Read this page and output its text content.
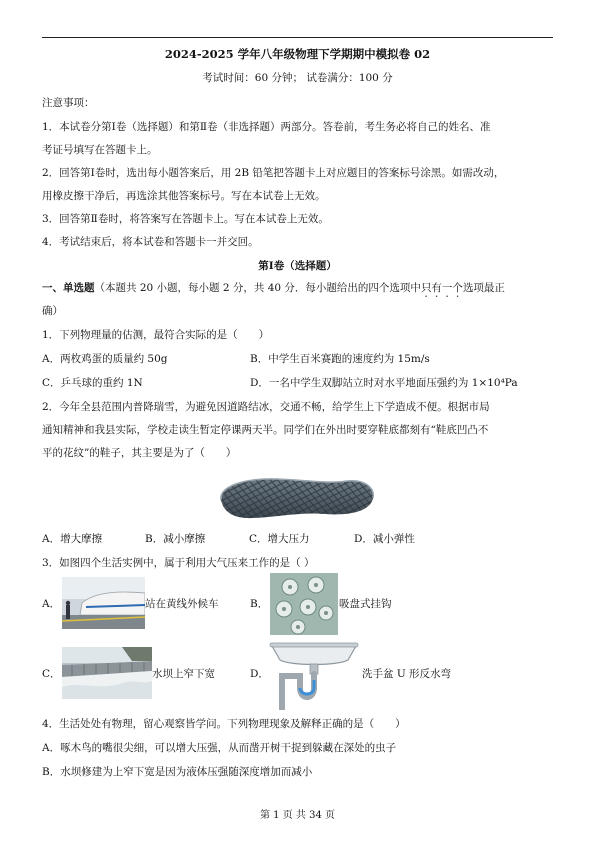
2024-2025 学年八年级物理下学期期中模拟卷 02
考试时间：60 分钟； 试卷满分：100 分
注意事项：
1．本试卷分第Ⅰ卷（选择题）和第Ⅱ卷（非选择题）两部分。答卷前，考生务必将自己的姓名、准
考证号填写在答题卡上。
2．回答第Ⅰ卷时，选出每小题答案后，用 2B 铅笔把答题卡上对应题目的答案标号涂黑。如需改动，
用橡皮擦干净后，再选涂其他答案标号。写在本试卷上无效。
3．回答第Ⅱ卷时，将答案写在答题卡上。写在本试卷上无效。
4．考试结束后，将本试卷和答题卡一并交回。
第Ⅰ卷（选择题）
一、单选题（本题共 20 小题，每小题 2 分，共 40 分．每小题给出的四个选项中只有一个选项最正
确）
1．下列物理量的估测，最符合实际的是（　　）
A．两枚鸡蛋的质量约 50g	B．中学生百米赛跑的速度约为 15m/s
C．乒乓球的重约 1N	D．一名中学生双脚站立时对水平地面压强约为 1×10⁴Pa
2．今年全县范围内普降瑞雪，为避免因道路结冰，交通不畅，给学生上下学造成不便。根据市局
通知精神和我县实际，学校走读生暂定停课两天半。同学们在外出时要穿鞋底都刻有“鞋底凹凸不
平的花纹”的鞋子，其主要是为了（　　）
A．增大摩擦	B．减小摩擦	C．增大压力	D．减小弹性
3．如图四个生活实例中，属于利用大气压来工作的是（ ）
A．	站在黄线外候车	B．	吸盘式挂钩
C．	水坝上窄下宽	D．	洗手盆 U 形反水弯
4．生活处处有物理，留心观察皆学问。下列物理现象及解释正确的是（　　）
A．啄木鸟的嘴很尖细，可以增大压强，从而凿开树干捉到躲藏在深处的虫子
B．水坝修建为上窄下宽是因为液体压强随深度增加而减小
第 1 页 共 34 页
